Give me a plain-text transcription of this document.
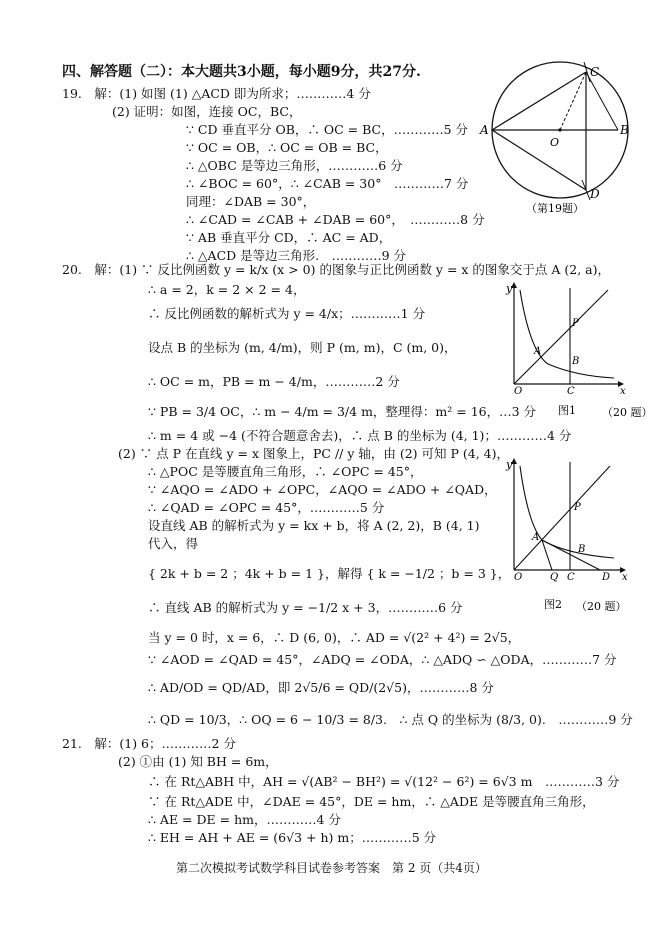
四、解答题（二）：本大题共3小题，每小题9分，共27分.
19.　解：(1) 如图 (1) △ACD 即为所求；…………4 分
(2) 证明：如图，连接 OC，BC，
∵ CD 垂直平分 OB，∴ OC = BC，…………5 分
∵ OC = OB，∴ OC = OB = BC，
∴ △OBC 是等边三角形，…………6 分
∴ ∠BOC = 60°，∴ ∠CAB = 30°　…………7 分
同理：∠DAB = 30°，
∴ ∠CAD = ∠CAB + ∠DAB = 60°，　…………8 分
∵ AB 垂直平分 CD，∴ AC = AD，
∴ △ACD 是等边三角形.　…………9 分
A
O
B
C
D
（第19题）
20.　解：(1) ∵ 反比例函数 y = k/x (x > 0) 的图象与正比例函数 y = x 的图象交于点 A (2, a)，
∴ a = 2，k = 2 × 2 = 4，
∴ 反比例函数的解析式为 y = 4/x；…………1 分
设点 B 的坐标为 (m, 4/m)，则 P (m, m)，C (m, 0)，
∴ OC = m，PB = m − 4/m，…………2 分
∵ PB = 3/4 OC，∴ m − 4/m = 3/4 m，整理得：m² = 16，…3 分
∴ m = 4 或 −4 (不符合题意舍去)，∴ 点 B 的坐标为 (4, 1)；…………4 分
(2) ∵ 点 P 在直线 y = x 图象上，PC // y 轴，由 (2) 可知 P (4, 4)，
∴ △POC 是等腰直角三角形，∴ ∠OPC = 45°，
∵ ∠AQO = ∠ADO + ∠OPC，∠AQO = ∠ADO + ∠QAD，
∴ ∠QAD = ∠OPC = 45°，…………5 分
设直线 AB 的解析式为 y = kx + b，将 A (2, 2)，B (4, 1)
代入，得
{ 2k + b = 2 ；4k + b = 1 }，解得 { k = −1/2 ；b = 3 }，
∴ 直线 AB 的解析式为 y = −1/2 x + 3，…………6 分
当 y = 0 时，x = 6，∴ D (6, 0)，∴ AD = √(2² + 4²) = 2√5，
∵ ∠AOD = ∠QAD = 45°，∠ADQ = ∠ODA，∴ △ADQ ∽ △ODA，…………7 分
∴ AD/OD = QD/AD，即 2√5/6 = QD/(2√5)，…………8 分
∴ QD = 10/3，∴ OQ = 6 − 10/3 = 8/3.　∴ 点 Q 的坐标为 (8/3, 0).　…………9 分
y
P
A
B
O	C	x
图1 （20 题）
y
P
A
B
O	Q C	D x
图2 （20 题）
21.　解：(1) 6；…………2 分
(2) ①由 (1) 知 BH = 6m，
∴ 在 Rt△ABH 中，AH = √(AB² − BH²) = √(12² − 6²) = 6√3 m　…………3 分
∵ 在 Rt△ADE 中，∠DAE = 45°，DE = hm，∴ △ADE 是等腰直角三角形，
∴ AE = DE = hm，…………4 分
∴ EH = AH + AE = (6√3 + h) m；…………5 分
第二次模拟考试数学科目试卷参考答案　第 2 页（共4页）
